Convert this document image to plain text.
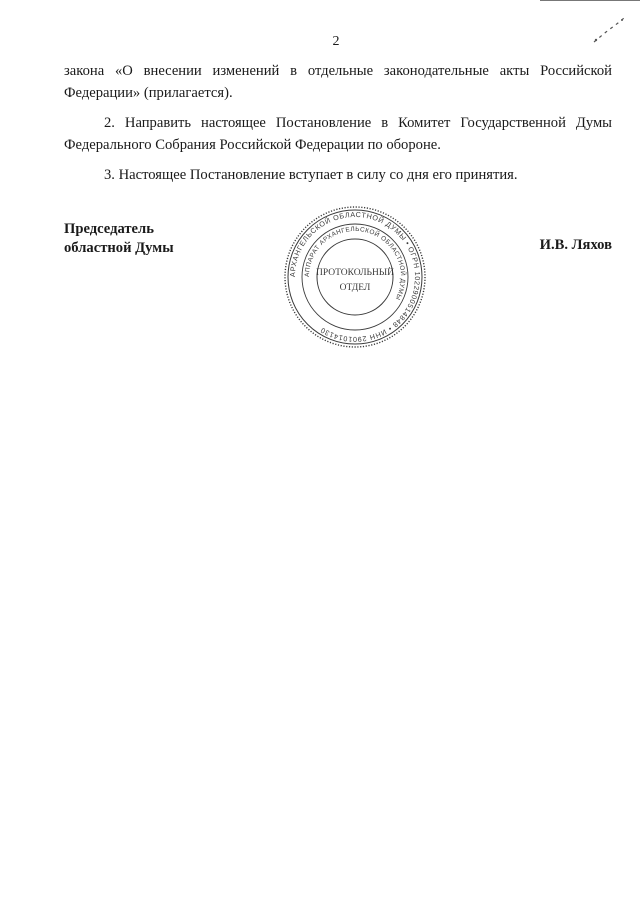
2

закона «О внесении изменений в отдельные законодательные акты Российской Федерации» (прилагается).

2. Направить настоящее Постановление в Комитет Государственной Думы Федерального Собрания Российской Федерации по обороне.

3. Настоящее Постановление вступает в силу со дня его принятия.

Председатель
областной Думы	И.В. Ляхов
АРХАНГЕЛЬСКОЙ ОБЛАСТНОЙ ДУМЫ • ОГРН 1022900514848 • ИНН 2901014130
АППАРАТ АРХАНГЕЛЬСКОЙ ОБЛАСТНОЙ ДУМЫ
ПРОТОКОЛЬНЫЙ
ОТДЕЛ
